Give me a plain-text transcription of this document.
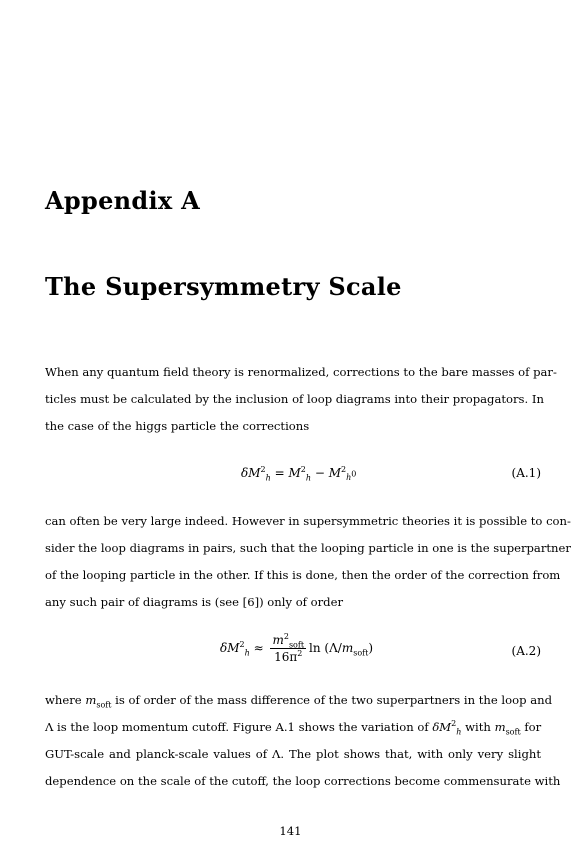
Appendix A
The Supersymmetry Scale

When any quantum field theory is renormalized, corrections to the bare masses of par-
ticles must be calculated by the inclusion of loop diagrams into their propagators. In
the case of the higgs particle the corrections

$\delta M^2_h = M^2_h - M^2_{h^0}$	(A.1)

can often be very large indeed. However in supersymmetric theories it is possible to con-
sider the loop diagrams in pairs, such that the looping particle in one is the superpartner
of the looping particle in the other. If this is done, then the order of the correction from
any such pair of diagrams is (see [6]) only of order

$\delta M^2_h \approx \frac{m^2_{soft}}{16\pi^2}$ $\ln (\Lambda/m_{soft})$	(A.2)

where $m_{soft}$ is of order of the mass difference of the two superpartners in the loop and
Λ is the loop momentum cutoff. Figure A.1 shows the variation of $\delta M^2_h$ with $m_{soft}$ for
GUT-scale and planck-scale values of Λ. The plot shows that, with only very slight
dependence on the scale of the cutoff, the loop corrections become commensurate with

141
